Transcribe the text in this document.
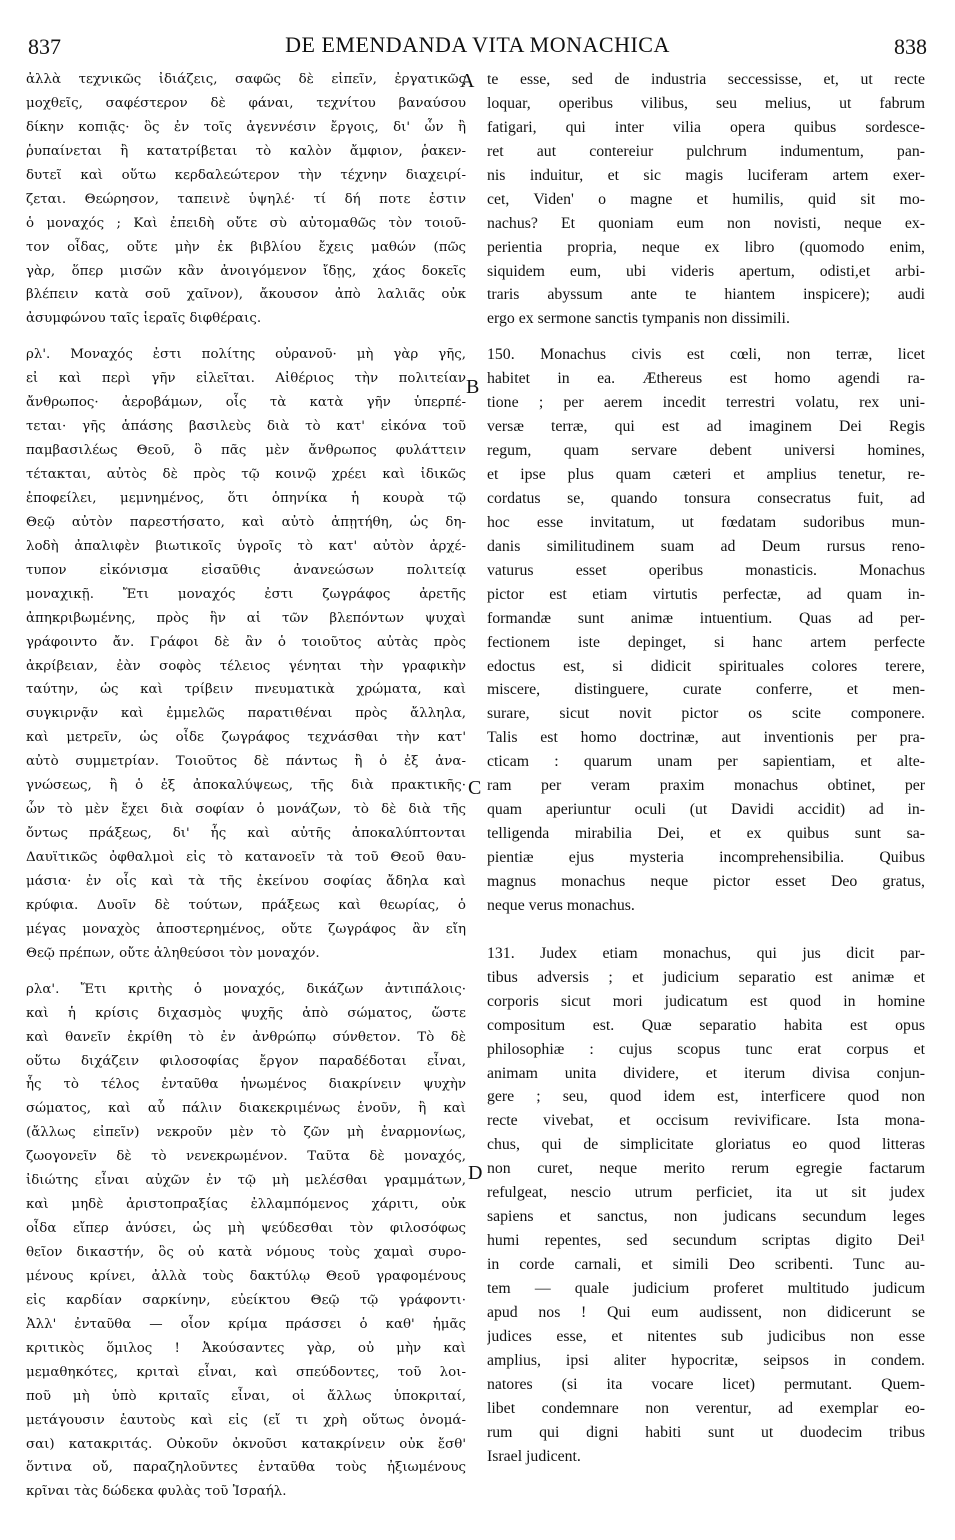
837	DE EMENDANDA VITA MONACHICA	838
ἀλλὰ τεχνικῶς ἰδιάζεις, σαφῶς δὲ εἰπεῖν, ἐργατικῶς
μοχθεῖς, σαφέστερον δὲ φάναι, τεχνίτου βαναύσου
δίκην κοπιᾷς· ὃς ἐν τοῖς ἀγεννέσιν ἔργοις, δι' ὧν ἢ
ῥυπαίνεται ἢ κατατρίβεται τὸ καλὸν ἄμφιον, ῥακεν-
δυτεῖ καὶ οὕτω κερδαλεώτερον τὴν τέχνην διαχειρί-
ζεται. Θεώρησον, ταπεινὲ ὑψηλέ· τί δή ποτε ἐστιν
ὁ μοναχός ; Καὶ ἐπειδὴ οὔτε σὺ αὐτομαθῶς τὸν τοιοῦ-
τον οἶδας, οὔτε μὴν ἐκ βιβλίου ἔχεις μαθών (πῶς
γὰρ, ὅπερ μισῶν κἂν ἀνοιγόμενον ἴδῃς, χάος δοκεῖς
βλέπειν κατὰ σοῦ χαῖνον), ἄκουσον ἀπὸ λαλιᾶς οὐκ
ἀσυμφώνου ταῖς ἱεραῖς διφθέραις.
ρλ'. Μοναχός ἐστι πολίτης οὐρανοῦ· μὴ γὰρ γῆς,
εἰ καὶ περὶ γῆν εἱλεῖται. Αἰθέριος τὴν πολιτείαν
ἄνθρωπος· ἀεροβάμων, οἷς τὰ κατὰ γῆν ὑπερπέ-
τεται· γῆς ἁπάσης βασιλεὺς διὰ τὸ κατ' εἰκόνα τοῦ
παμβασιλέως Θεοῦ, ὃ πᾶς μὲν ἄνθρωπος φυλάττειν
τέτακται, αὐτὸς δὲ πρὸς τῷ κοινῷ χρέει καὶ ἰδικῶς
ἐποφείλει, μεμνημένος, ὅτι ὁπηνίκα ἡ κουρὰ τῷ
Θεῷ αὐτὸν παρεστήσατο, καὶ αὐτὸ ἀπῃτήθη, ὡς δη-
λοδὴ ἀπαλιφὲν βιωτικοῖς ὑγροῖς τὸ κατ' αὐτὸν ἀρχέ-
τυπον εἰκόνισμα εἰσαῦθις ἀνανεώσων πολιτείᾳ
μοναχικῇ. Ἔτι μοναχός ἐστι ζωγράφος ἀρετῆς
ἀπηκριβωμένης, πρὸς ἣν αἱ τῶν βλεπόντων ψυχαὶ
γράφοιντο ἄν. Γράφοι δὲ ἂν ὁ τοιοῦτος αὐτὰς πρὸς
ἀκρίβειαν, ἐὰν σοφὸς τέλειος γένηται τὴν γραφικὴν
ταύτην, ὡς καὶ τρίβειν πνευματικὰ χρώματα, καὶ
συγκιρνᾷν καὶ ἐμμελῶς παρατιθέναι πρὸς ἄλληλα,
καὶ μετρεῖν, ὡς οἶδε ζωγράφος τεχνάσθαι τὴν κατ'
αὐτὸ συμμετρίαν. Τοιοῦτος δὲ πάντως ἢ ὁ ἐξ ἀνα-
γνώσεως, ἢ ὁ ἐξ ἀποκαλύψεως, τῆς διὰ πρακτικῆς·
ὧν τὸ μὲν ἔχει διὰ σοφίαν ὁ μονάζων, τὸ δὲ διὰ τῆς
ὄντως πράξεως, δι' ἧς καὶ αὐτῆς ἀποκαλύπτονται
Δαυϊτικῶς ὀφθαλμοὶ εἰς τὸ κατανοεῖν τὰ τοῦ Θεοῦ θαυ-
μάσια· ἐν οἷς καὶ τὰ τῆς ἐκείνου σοφίας ἄδηλα καὶ
κρύφια. Δυοῖν δὲ τούτων, πράξεως καὶ θεωρίας, ὁ
μέγας μοναχὸς ἀποστερημένος, οὔτε ζωγράφος ἂν εἴη
Θεῷ πρέπων, οὔτε ἀληθεύσοι τὸν μοναχόν.
ρλα'. Ἔτι κριτὴς ὁ μοναχός, δικάζων ἀντιπάλοις·
καὶ ἡ κρίσις διχασμὸς ψυχῆς ἀπὸ σώματος, ὥστε
καὶ θανεῖν ἐκρίθη τὸ ἐν ἀνθρώπῳ σύνθετον. Τὸ δὲ
οὕτω διχάζειν φιλοσοφίας ἔργον παραδέδοται εἶναι,
ἧς τὸ τέλος ἐνταῦθα ἡνωμένος διακρίνειν ψυχὴν
σώματος, καὶ αὖ πάλιν διακεκριμένως ἑνοῦν, ἢ καὶ
(ἄλλως εἰπεῖν) νεκροῦν μὲν τὸ ζῶν μὴ ἐναρμονίως,
ζωογονεῖν δὲ τὸ νενεκρωμένον. Ταῦτα δὲ μοναχός,
ἰδιώτης εἶναι αὐχῶν ἐν τῷ μὴ μελέσθαι γραμμάτων,
καὶ μηδὲ ἀριστοπραξίας ἐλλαμπόμενος χάριτι, οὐκ
οἶδα εἴπερ ἀνύσει, ὡς μὴ ψεύδεσθαι τὸν φιλοσόφως
θεῖον δικαστήν, ὃς οὐ κατὰ νόμους τοὺς χαμαὶ συρο-
μένους κρίνει, ἀλλὰ τοὺς δακτύλῳ Θεοῦ γραφομένους
εἰς καρδίαν σαρκίνην, εὐείκτου Θεῷ τῷ γράφοντι·
Ἀλλ' ἐνταῦθα — οἷον κρίμα πράσσει ὁ καθ' ἡμᾶς
κριτικὸς ὅμιλος ! Ἀκούσαντες γὰρ, οὐ μὴν καὶ
μεμαθηκότες, κριταὶ εἶναι, καὶ σπεύδοντες, τοῦ λοι-
ποῦ μὴ ὑπὸ κριταῖς εἶναι, οἱ ἄλλως ὑποκριταί,
μετάγουσιν ἑαυτοὺς καὶ εἰς (εἴ τι χρὴ οὕτως ὀνομά-
σαι) κατακριτάς. Οὐκοῦν ὀκνοῦσι κατακρίνειν οὐκ ἔσθ'
ὅντινα οὔ, παραζηλοῦντες ἐνταῦθα τοὺς ἠξιωμένους
κρῖναι τὰς δώδεκα φυλὰς τοῦ Ἰσραήλ.
te esse, sed de industria seccessisse, et, ut recte
loquar, operibus vilibus, seu melius, ut fabrum
fatigari, qui inter vilia opera quibus sordesce-
ret aut contereiur pulchrum indumentum, pan-
nis induitur, et sic magis luciferam artem exer-
cet, Viden' o magne et humilis, quid sit mo-
nachus? Et quoniam eum non novisti, neque ex-
perientia propria, neque ex libro (quomodo enim,
siquidem eum, ubi videris apertum, odisti,et arbi-
traris abyssum ante te hiantem inspicere); audi
ergo ex sermone sanctis tympanis non dissimili.
150. Monachus civis est cœli, non terræ, licet
habitet in ea. Æthereus est homo agendi ra-
tione ; per aerem incedit terrestri volatu, rex uni-
versæ terræ, qui est ad imaginem Dei Regis
regum, quam servare debent universi homines,
et ipse plus quam cæteri et amplius tenetur, re-
cordatus se, quando tonsura consecratus fuit, ad
hoc esse invitatum, ut fœdatam sudoribus mun-
danis similitudinem suam ad Deum rursus reno-
vaturus esset operibus monasticis. Monachus
pictor est etiam virtutis perfectæ, ad quam in-
formandæ sunt animæ intuentium. Quas ad per-
fectionem iste depinget, si hanc artem perfecte
edoctus est, si didicit spirituales colores terere,
miscere, distinguere, curate conferre, et men-
surare, sicut novit pictor os scite componere.
Talis est homo doctrinæ, aut inventionis per pra-
cticam : quarum unam per sapientiam, et alte-
ram per veram praxim monachus obtinet, per
quam aperiuntur oculi (ut Davidi accidit) ad in-
telligenda mirabilia Dei, et ex quibus sunt sa-
pientiæ ejus mysteria incomprehensibilia. Quibus
magnus monachus neque pictor esset Deo gratus,
neque verus monachus.
131. Judex etiam monachus, qui jus dicit par-
tibus adversis ; et judicium separatio est animæ et
corporis sicut mori judicatum est quod in homine
compositum est. Quæ separatio habita est opus
philosophiæ : cujus scopus tunc erat corpus et
animam unita dividere, et iterum divisa conjun-
gere ; seu, quod idem est, interficere quod non
recte vivebat, et occisum revivificare. Ista mona-
chus, qui de simplicitate gloriatus eo quod litteras
non curet, neque merito rerum egregie factarum
refulgeat, nescio utrum perficiet, ita ut sit judex
sapiens et sanctus, non judicans secundum leges
humi repentes, sed secundum scriptas digito Dei¹
in corde carnali, et simili Deo scribenti. Tunc au-
tem — quale judicium proferet multitudo judicum
apud nos ! Qui eum audissent, non didicerunt se
judices esse, et nitentes sub judicibus non esse
amplius, ipsi aliter hypocritæ, seipsos in condem.
natores (si ita vocare licet) permutant. Quem-
libet condemnare non verentur, ad exemplar eo-
rum qui digni habiti sunt ut duodecim tribus
Israel judicent.
A
B
C
D
